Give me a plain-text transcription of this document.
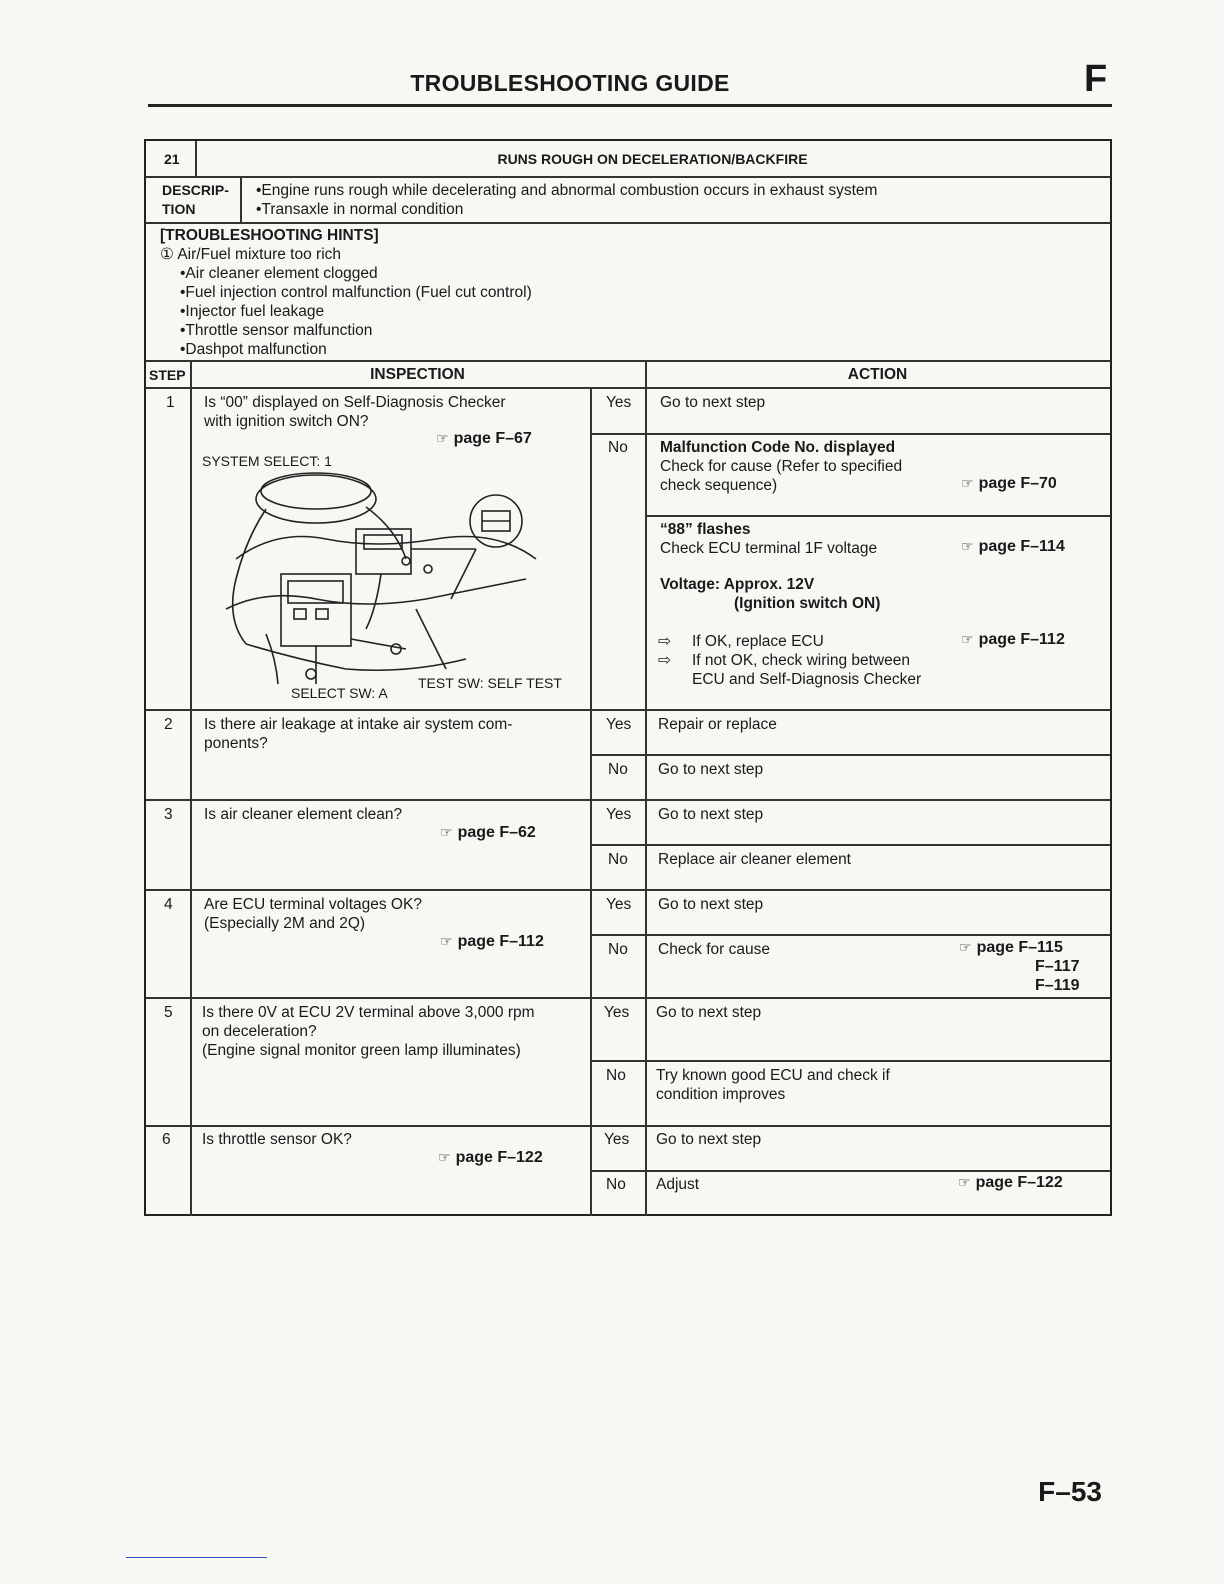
TROUBLESHOOTING GUIDE	F
21	RUNS ROUGH ON DECELERATION/BACKFIRE
DESCRIP-
TION
•Engine runs rough while decelerating and abnormal combustion occurs in exhaust system
•Transaxle in normal condition
[TROUBLESHOOTING HINTS]
① Air/Fuel mixture too rich
•Air cleaner element clogged
•Fuel injection control malfunction (Fuel cut control)
•Injector fuel leakage
•Throttle sensor malfunction
•Dashpot malfunction
STEP	INSPECTION	ACTION
1 Is “00” displayed on Self-Diagnosis Checker
with ignition switch ON?
☞ page F–67
SYSTEM SELECT: 1
TEST SW: SELF TEST
SELECT SW: A
Yes Go to next step
No Malfunction Code No. displayed
Check for cause (Refer to specified
check sequence)	☞ page F–70
“88” flashes
Check ECU terminal 1F voltage	☞ page F–114
Voltage: Approx. 12V
(Ignition switch ON)
⇨ If OK, replace ECU	☞ page F–112
⇨ If not OK, check wiring between
ECU and Self-Diagnosis Checker
2 Is there air leakage at intake air system com-
ponents?
Yes Repair or replace
No Go to next step
3 Is air cleaner element clean?
☞ page F–62
Yes Go to next step
No Replace air cleaner element
4 Are ECU terminal voltages OK?
(Especially 2M and 2Q)
☞ page F–112
Yes Go to next step
No Check for cause	☞ page F–115
F–117
F–119
5 Is there 0V at ECU 2V terminal above 3,000 rpm
on deceleration?
(Engine signal monitor green lamp illuminates)
Yes Go to next step
No Try known good ECU and check if
condition improves
6 Is throttle sensor OK?
☞ page F–122
Yes Go to next step
No Adjust	☞ page F–122
F–53
